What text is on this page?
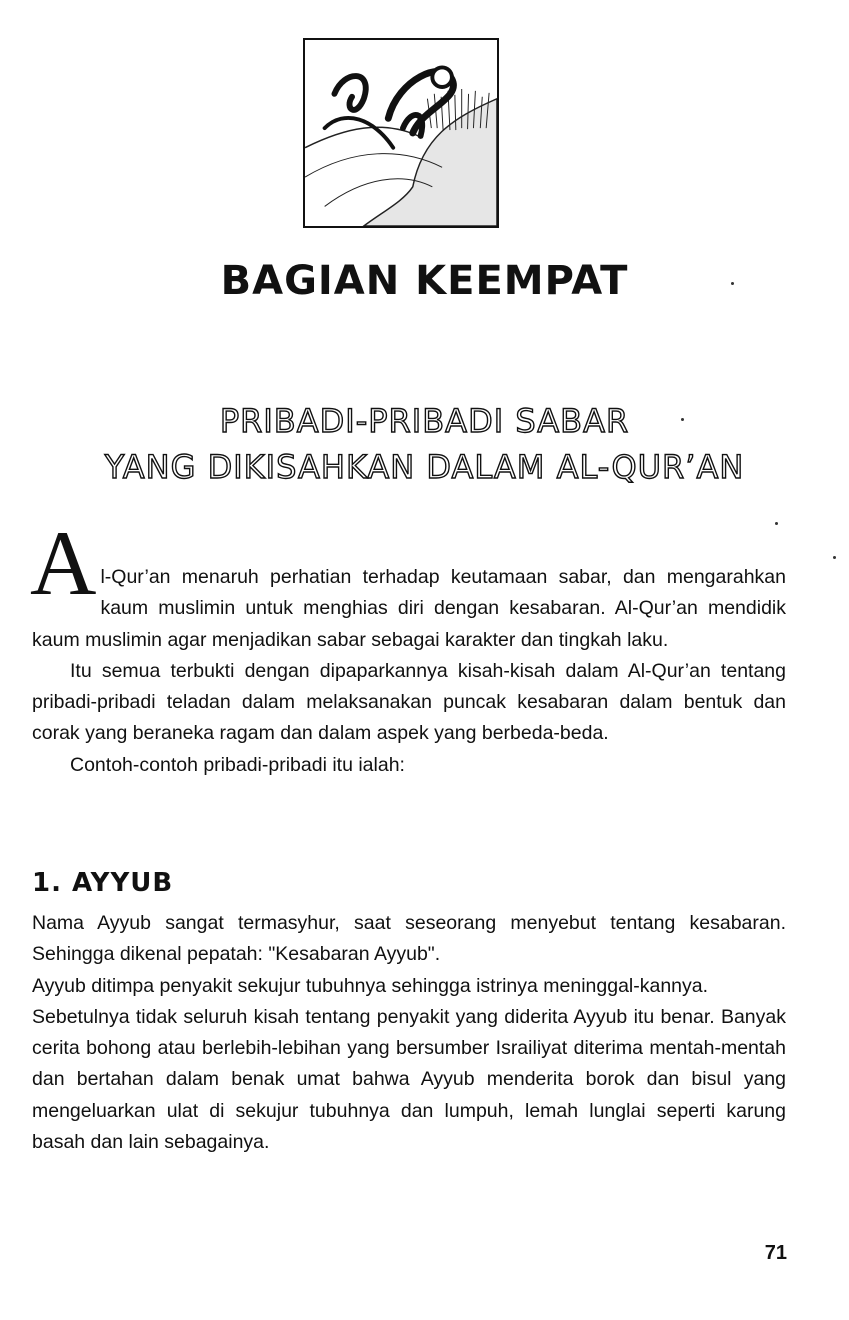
BAGIAN KEEMPAT
PRIBADI-PRIBADI SABAR
YANG DIKISAHKAN DALAM AL-QUR’AN

Al-Qur’an menaruh perhatian terhadap keutamaan sabar, dan mengarahkan kaum muslimin untuk menghias diri dengan kesabaran. Al-Qur’an mendidik kaum muslimin agar menjadikan sabar sebagai karakter dan tingkah laku.

Itu semua terbukti dengan dipaparkannya kisah-kisah dalam Al-Qur’an tentang pribadi-pribadi teladan dalam melaksanakan puncak kesabaran dalam bentuk dan corak yang beraneka ragam dan dalam aspek yang berbeda-beda.

Contoh-contoh pribadi-pribadi itu ialah:

1. AYYUB

Nama Ayyub sangat termasyhur, saat seseorang menyebut tentang kesabaran. Sehingga dikenal pepatah: "Kesabaran Ayyub".

Ayyub ditimpa penyakit sekujur tubuhnya sehingga istrinya meninggal-kannya.

Sebetulnya tidak seluruh kisah tentang penyakit yang diderita Ayyub itu benar. Banyak cerita bohong atau berlebih-lebihan yang bersumber Israiliyat diterima mentah-mentah dan bertahan dalam benak umat bahwa Ayyub menderita borok dan bisul yang mengeluarkan ulat di sekujur tubuhnya dan lumpuh, lemah lunglai seperti karung basah dan lain sebagainya.

71
